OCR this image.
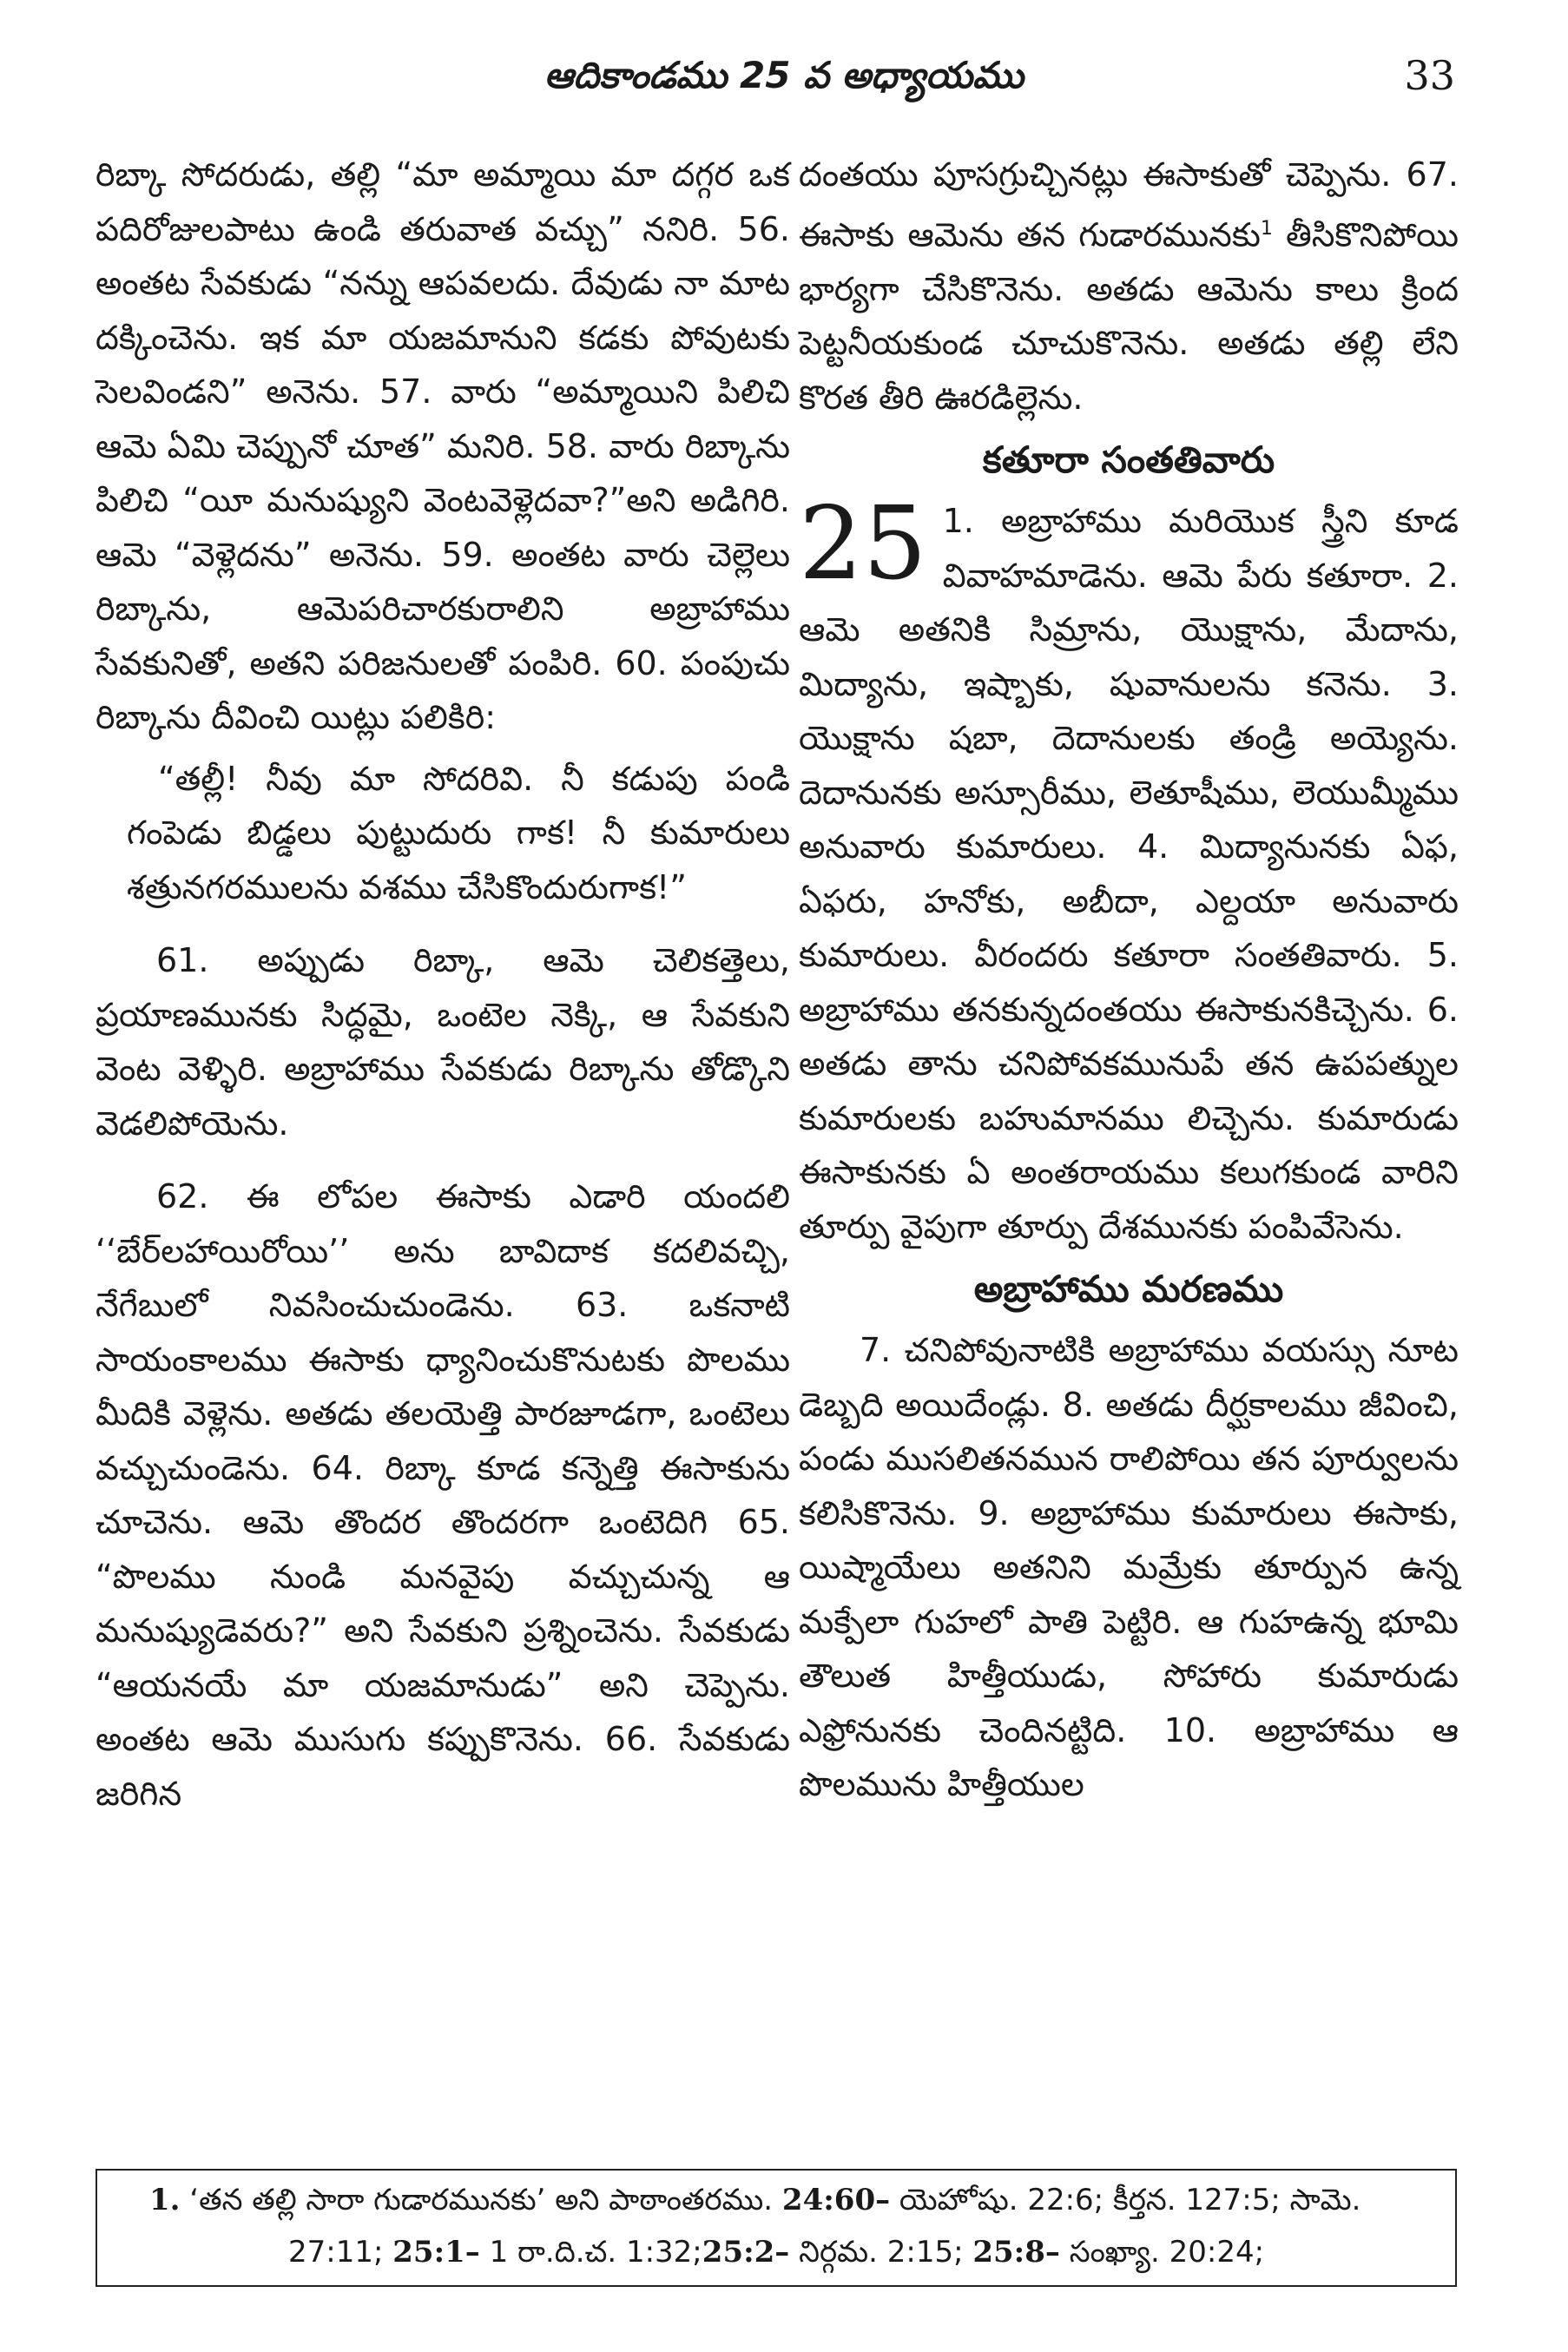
ఆదికాండము 25 వ అధ్యాయము	33

రిబ్కా సోదరుడు, తల్లి “మా అమ్మాయి మా దగ్గర ఒక పదిరోజులపాటు ఉండి తరువాత వచ్చు” ననిరి. 56. అంతట సేవకుడు “నన్ను ఆపవలదు. దేవుడు నా మాట దక్కించెను. ఇక మా యజమానుని కడకు పోవుటకు సెలవిండని” అనెను. 57. వారు “అమ్మాయిని పిలిచి ఆమె ఏమి చెప్పునో చూత” మనిరి. 58. వారు రిబ్కాను పిలిచి “యీ మనుష్యుని వెంటవెళ్లెదవా?”అని అడిగిరి. ఆమె “వెళ్లెదను” అనెను. 59. అంతట వారు చెల్లెలు రిబ్కాను, ఆమెపరిచారకురాలిని అబ్రాహాము సేవకునితో, అతని పరిజనులతో పంపిరి. 60. పంపుచు రిబ్కాను దీవించి యిట్లు పలికిరి:

“తల్లీ! నీవు మా సోదరివి. నీ కడుపు పండి గంపెడు బిడ్డలు పుట్టుదురు గాక! నీ కుమారులు శత్రునగరములను వశము చేసికొందురుగాక!”

61. అప్పుడు రిబ్కా, ఆమె చెలికత్తెలు, ప్రయాణమునకు సిద్ధమై, ఒంటెల నెక్కి, ఆ సేవకుని వెంట వెళ్ళిరి. అబ్రాహాము సేవకుడు రిబ్కాను తోడ్కొని వెడలిపోయెను.

62. ఈ లోపల ఈసాకు ఎడారి యందలి ‘‘బేర్‌లహాయిరోయి’’ అను బావిదాక కదలివచ్చి, నేగేబులో నివసించుచుండెను. 63. ఒకనాటి సాయంకాలము ఈసాకు ధ్యానించుకొనుటకు పొలము మీదికి వెళ్లెను. అతడు తలయెత్తి పారజూడగా, ఒంటెలు వచ్చుచుండెను. 64. రిబ్కా కూడ కన్నెత్తి ఈసాకును చూచెను. ఆమె తొందర తొందరగా ఒంటెదిగి 65. “పొలము నుండి మనవైపు వచ్చుచున్న ఆ మనుష్యుడెవరు?” అని సేవకుని ప్రశ్నించెను. సేవకుడు “ఆయనయే మా యజమానుడు” అని చెప్పెను. అంతట ఆమె ముసుగు కప్పుకొనెను. 66. సేవకుడు జరిగిన

దంతయు పూసగ్రుచ్చినట్లు ఈసాకుతో చెప్పెను. 67. ఈసాకు ఆమెను తన గుడారమునకు$^1$ తీసికొనిపోయి భార్యగా చేసికొనెను. అతడు ఆమెను కాలు క్రింద పెట్టనీయకుండ చూచుకొనెను. అతడు తల్లి లేని కొరత తీరి ఊరడిల్లెను.

కతూరా సంతతివారు

25 1. అబ్రాహాము మరియొక స్త్రీని కూడ వివాహమాడెను. ఆమె పేరు కతూరా. 2. ఆమె అతనికి సిమ్రాను, యొక్షాను, మేదాను, మిద్యాను, ఇష్బాకు, షువానులను కనెను. 3. యొక్షాను షబా, దెదానులకు తండ్రి అయ్యెను. దెదానునకు అస్సూరీము, లెతూషీము, లెయుమ్మీము అనువారు కుమారులు. 4. మిద్యానునకు ఏఫ, ఏఫరు, హనోకు, అబీదా, ఎల్దయా అనువారు కుమారులు. వీరందరు కతూరా సంతతివారు. 5. అబ్రాహాము తనకున్నదంతయు ఈసాకునకిచ్చెను. 6. అతడు తాను చనిపోవకమునుపే తన ఉపపత్నుల కుమారులకు బహుమానము లిచ్చెను. కుమారుడు ఈసాకునకు ఏ అంతరాయము కలుగకుండ వారిని తూర్పు వైపుగా తూర్పు దేశమునకు పంపివేసెను.

అబ్రాహాము మరణము

7. చనిపోవునాటికి అబ్రాహాము వయస్సు నూట డెబ్బది అయిదేండ్లు. 8. అతడు దీర్ఘకాలము జీవించి, పండు ముసలితనమున రాలిపోయి తన పూర్వులను కలిసికొనెను. 9. అబ్రాహాము కుమారులు ఈసాకు, యిష్మాయేలు అతనిని మమ్రేకు తూర్పున ఉన్న మక్పేలా గుహలో పాతి పెట్టిరి. ఆ గుహఉన్న భూమి తౌలుత హిత్తీయుడు, సోహారు కుమారుడు ఎఫ్రోనునకు చెందినట్టిది. 10. అబ్రాహాము ఆ పొలమును హిత్తీయుల

1. ‘తన తల్లి సారా గుడారమునకు’ అని పాఠాంతరము. 24:60– యెహోషు. 22:6; కీర్తన. 127:5; సామె.
27:11; 25:1– 1 రా.ది.చ. 1:32;25:2– నిర్గమ. 2:15; 25:8– సంఖ్యా. 20:24;
